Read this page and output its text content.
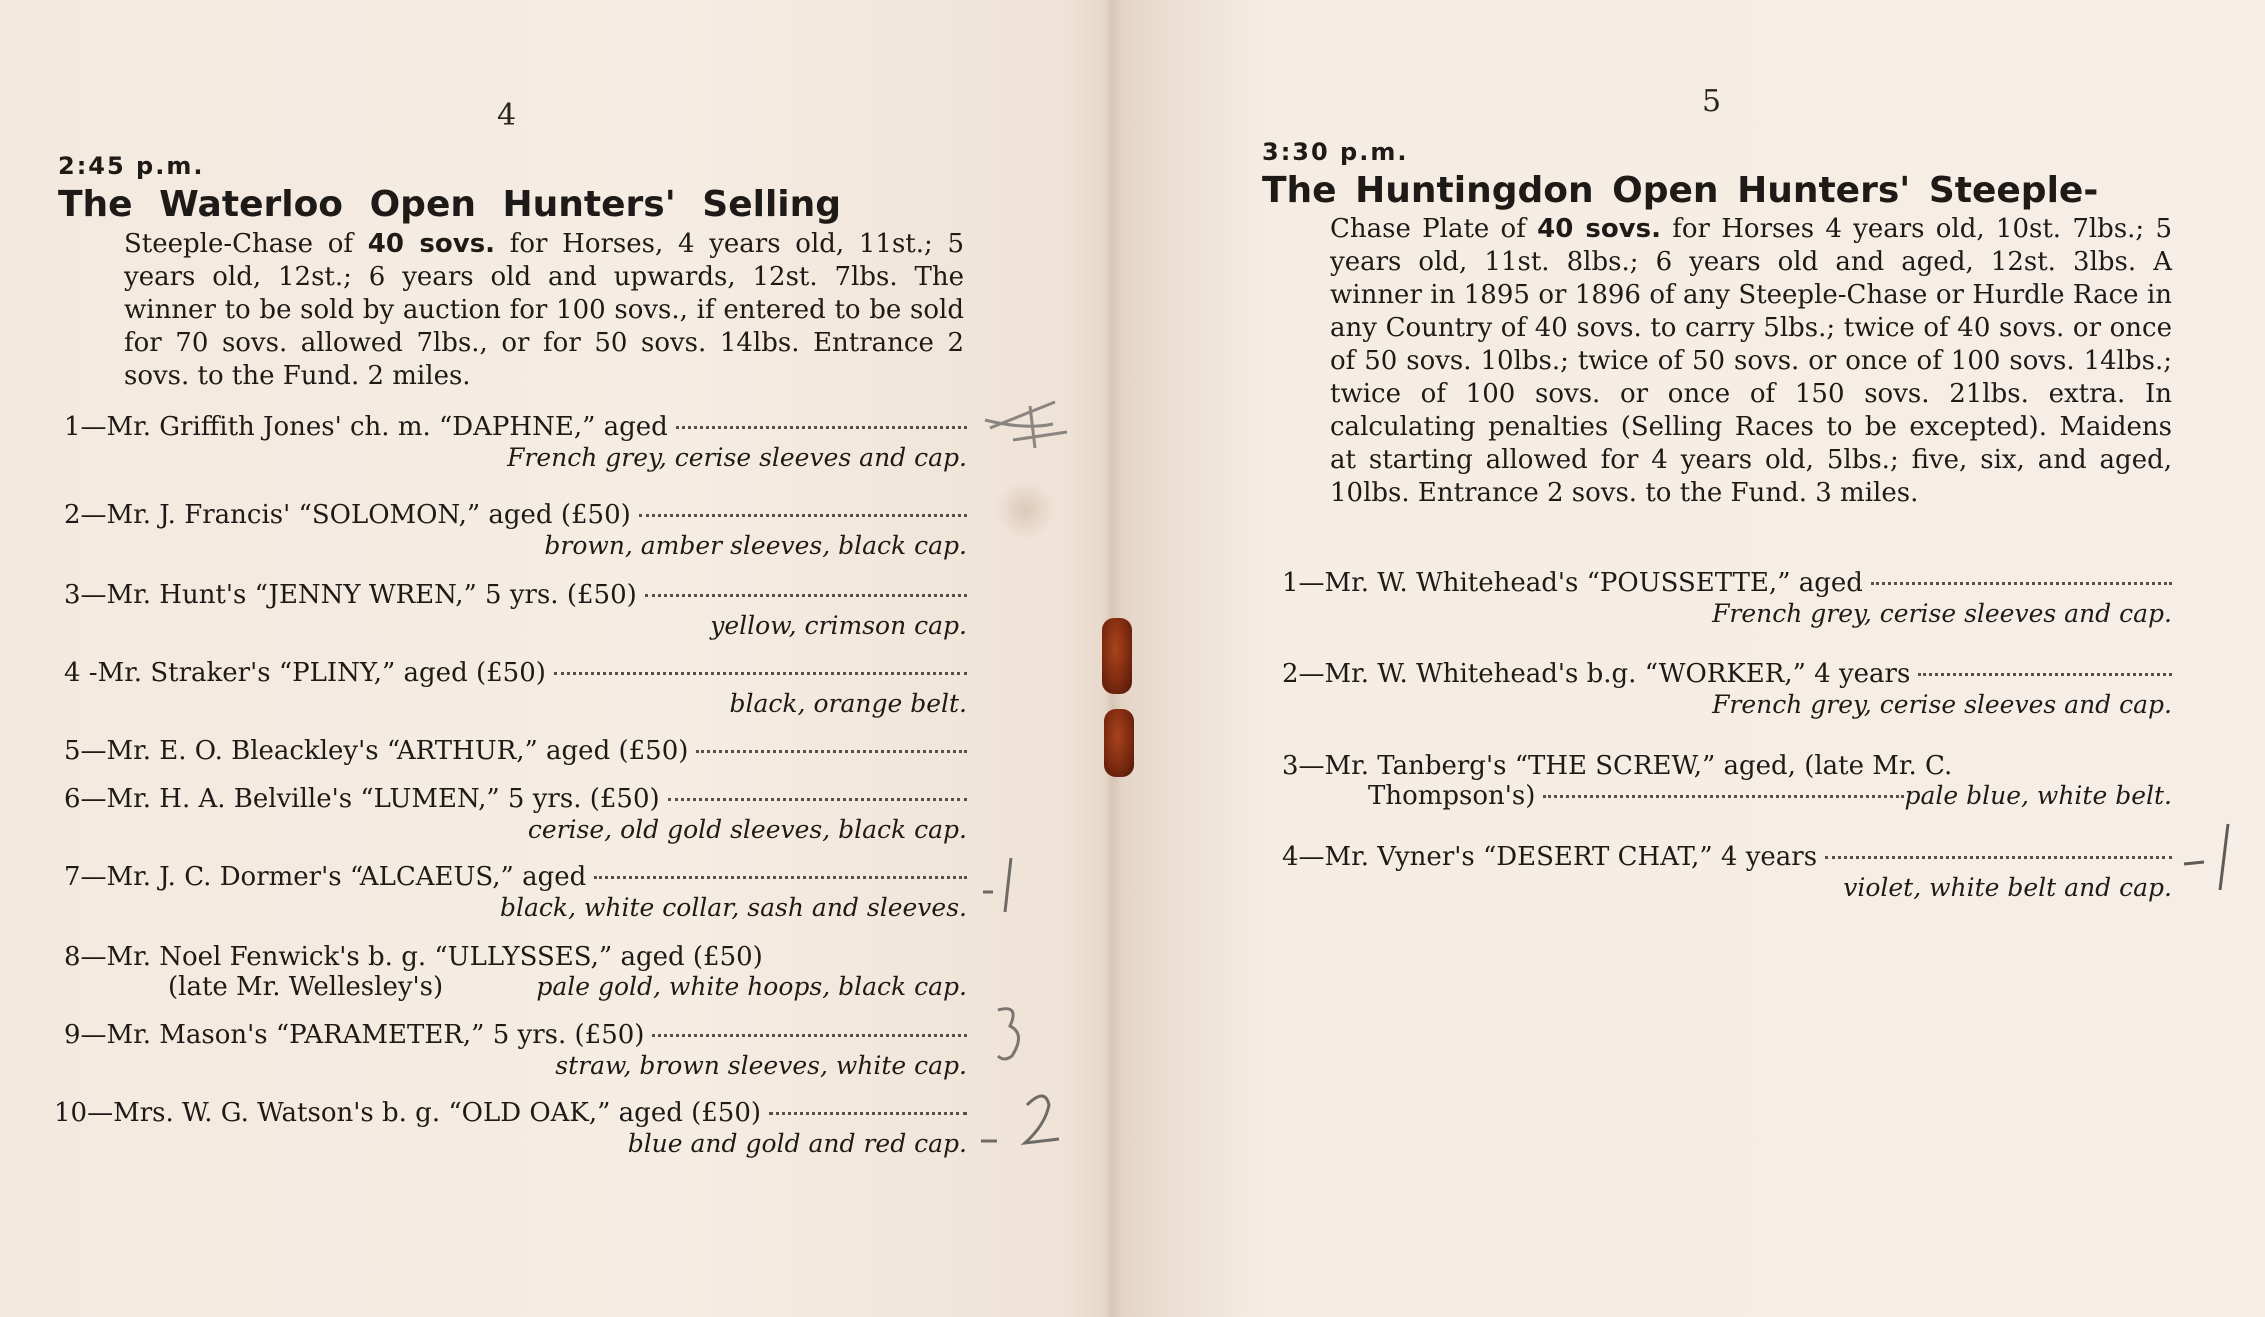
4
2:45 p.m.
The Waterloo Open Hunters' Selling

Steeple-Chase of 40 sovs. for Horses, 4 years old, 11st.; 5 years old, 12st.; 6 years old and upwards, 12st. 7lbs. The winner to be sold by auction for 100 sovs., if entered to be sold for 70 sovs. allowed 7lbs., or for 50 sovs. 14lbs. Entrance 2 sovs. to the Fund. 2 miles.

1— Mr. Griffith Jones' ch. m. “DAPHNE,” aged
French grey, cerise sleeves and cap.
2— Mr. J. Francis' “SOLOMON,” aged (£50)
brown, amber sleeves, black cap.
3— Mr. Hunt's “JENNY WREN,” 5 yrs. (£50)
yellow, crimson cap.
4 - Mr. Straker's “PLINY,” aged (£50)
black, orange belt.
5— Mr. E. O. Bleackley's “ARTHUR,” aged (£50)
6— Mr. H. A. Belville's “LUMEN,” 5 yrs. (£50)
cerise, old gold sleeves, black cap.
7— Mr. J. C. Dormer's “ALCAEUS,” aged
black, white collar, sash and sleeves.
8— Mr. Noel Fenwick's b. g. “ULLYSSES,” aged (£50)
(late Mr. Wellesley's)	pale gold, white hoops, black cap.
9— Mr. Mason's “PARAMETER,” 5 yrs. (£50)
straw, brown sleeves, white cap.
10— Mrs. W. G. Watson's b. g. “OLD OAK,” aged (£50)
blue and gold and red cap.
5
3:30 p.m.
The Huntingdon Open Hunters' Steeple-

Chase Plate of 40 sovs. for Horses 4 years old, 10st. 7lbs.; 5 years old, 11st. 8lbs.; 6 years old and aged, 12st. 3lbs. A winner in 1895 or 1896 of any Steeple-Chase or Hurdle Race in any Country of 40 sovs. to carry 5lbs.; twice of 40 sovs. or once of 50 sovs. 10lbs.; twice of 50 sovs. or once of 100 sovs. 14lbs.; twice of 100 sovs. or once of 150 sovs. 21lbs. extra. In calculating penalties (Selling Races to be excepted). Maidens at starting allowed for 4 years old, 5lbs.; five, six, and aged, 10lbs. Entrance 2 sovs. to the Fund. 3 miles.

1— Mr. W. Whitehead's “POUSSETTE,” aged
French grey, cerise sleeves and cap.
2— Mr. W. Whitehead's b.g. “WORKER,” 4 years
French grey, cerise sleeves and cap.
3— Mr. Tanberg's “THE SCREW,” aged, (late Mr. C.
Thompson's)	pale blue, white belt.
4— Mr. Vyner's “DESERT CHAT,” 4 years
violet, white belt and cap.
